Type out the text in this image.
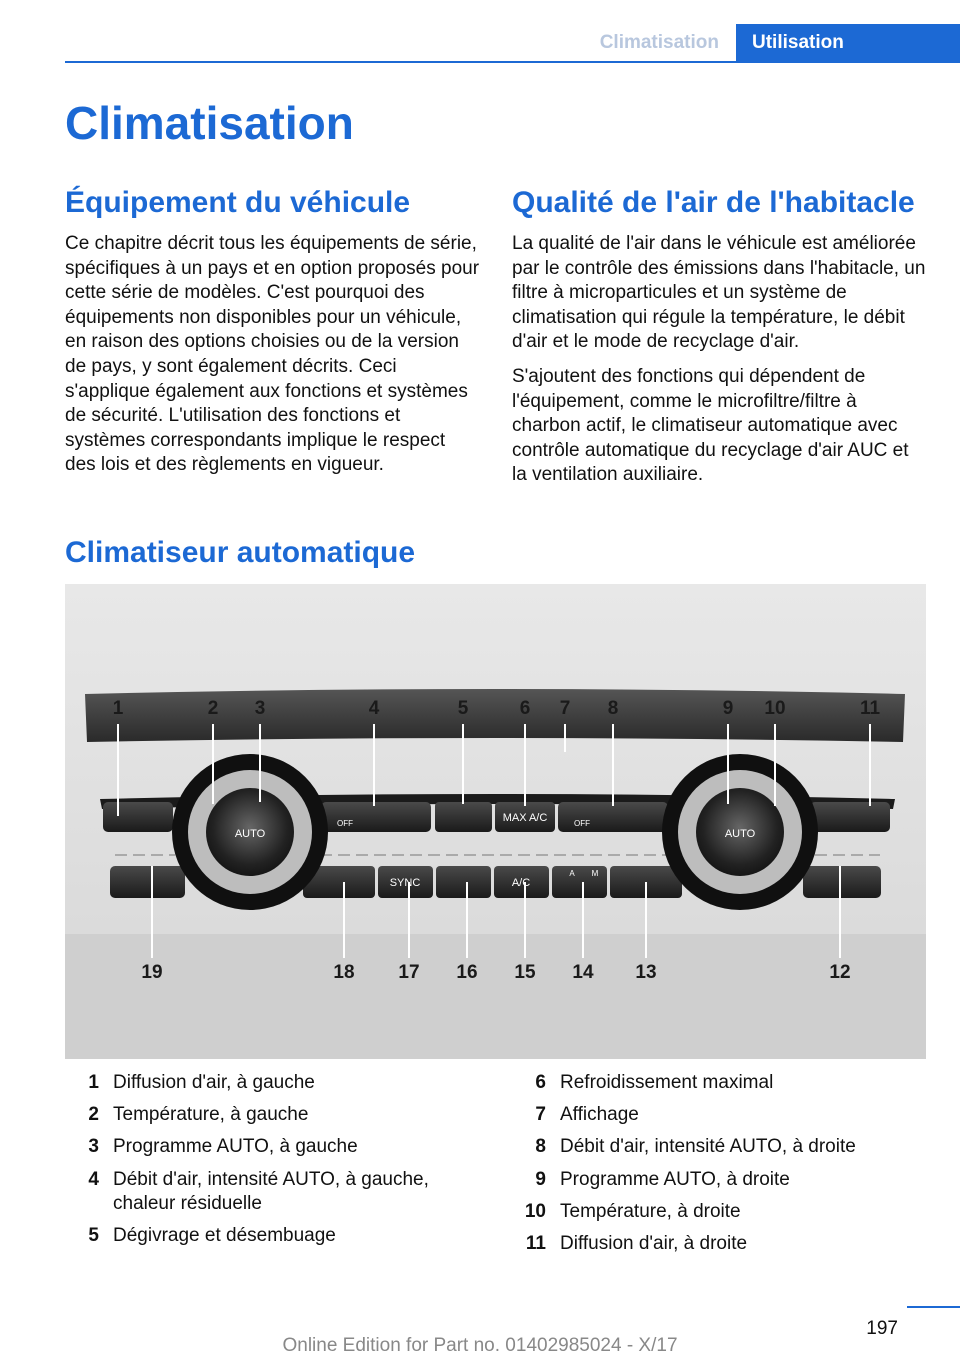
Climatisation	Utilisation
Climatisation
Équipement du véhicule

Ce chapitre décrit tous les équipements de série, spécifiques à un pays et en option proposés pour cette série de modèles. C'est pourquoi des équipements non disponibles pour un véhicule, en raison des options choisies ou de la version de pays, y sont également décrits. Ceci s'applique également aux fonctions et systèmes de sécurité. L'utilisation des fonctions et systèmes correspondants implique le respect des lois et des règlements en vigueur.

Qualité de l'air de l'habitacle

La qualité de l'air dans le véhicule est améliorée par le contrôle des émissions dans l'habitacle, un filtre à microparticules et un système de climatisation qui régule la température, le débit d'air et le mode de recyclage d'air.

S'ajoutent des fonctions qui dépendent de l'équipement, comme le microfiltre/filtre à charbon actif, le climatiseur automatique avec contrôle automatique du recyclage d'air AUC et la ventilation auxiliaire.

Climatiseur automatique
AUTO	AUTO
OFF	OFF
MAX A/C
SYNC	A/C
A M
1	2 3	4	5	6 7 8	9 10	11
19	18 17 16 15 14 13	12
1 Diffusion d'air, à gauche
2 Température, à gauche
3 Programme AUTO, à gauche
4 Débit d'air, intensité AUTO, à gauche, chaleur résiduelle
5 Dégivrage et désembuage
6 Refroidissement maximal
7 Affichage
8 Débit d'air, intensité AUTO, à droite
9 Programme AUTO, à droite
10 Température, à droite
11 Diffusion d'air, à droite
197
Online Edition for Part no. 01402985024 - X/17
